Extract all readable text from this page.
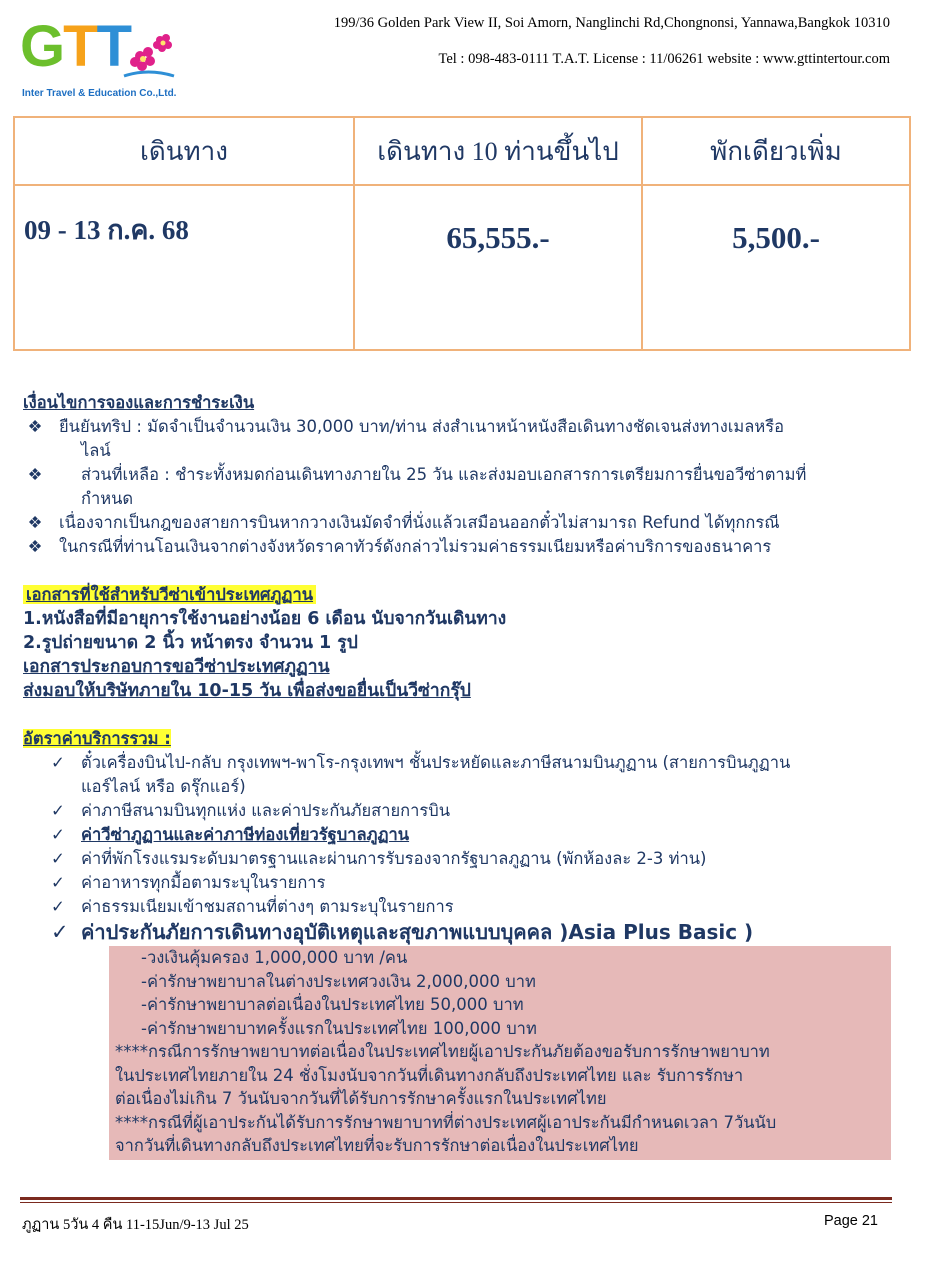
GTT
Inter Travel & Education Co.,Ltd.
199/36 Golden Park View II, Soi Amorn, Nanglinchi Rd,Chongnonsi, Yannawa,Bangkok 10310
Tel : 098-483-0111 T.A.T. License : 11/06261 website : www.gttintertour.com
เดินทาง	เดินทาง 10 ท่านขึ้นไป	พักเดียวเพิ่ม
09 - 13 ก.ค. 68	65,555.-	5,500.-
เงื่อนไขการจองและการชำระเงิน
❖ ยืนยันทริป : มัดจำเป็นจำนวนเงิน 30,000 บาท/ท่าน ส่งสำเนาหน้าหนังสือเดินทางชัดเจนส่งทางเมลหรือ
ไลน์
❖ ส่วนที่เหลือ : ชำระทั้งหมดก่อนเดินทางภายใน 25 วัน และส่งมอบเอกสารการเตรียมการยื่นขอวีซ่าตามที่
กำหนด
❖ เนื่องจากเป็นกฎของสายการบินหากวางเงินมัดจำที่นั่งแล้วเสมือนออกตั๋วไม่สามารถ Refund ได้ทุกกรณี
❖ ในกรณีที่ท่านโอนเงินจากต่างจังหวัดราคาทัวร์ดังกล่าวไม่รวมค่าธรรมเนียมหรือค่าบริการของธนาคาร
เอกสารที่ใช้สำหรับวีซ่าเข้าประเทศภูฏาน
1.หนังสือที่มีอายุการใช้งานอย่างน้อย 6 เดือน นับจากวันเดินทาง
2.รูปถ่ายขนาด 2 นิ้ว หน้าตรง จำนวน 1 รูป
เอกสารประกอบการขอวีซ่าประเทศภูฏาน
ส่งมอบให้บริษัทภายใน 10-15 วัน เพื่อส่งขอยื่นเป็นวีซ่ากรุ๊ป
อัตราค่าบริการรวม :
✓ ตั๋วเครื่องบินไป-กลับ กรุงเทพฯ-พาโร-กรุงเทพฯ ชั้นประหยัดและภาษีสนามบินภูฏาน (สายการบินภูฏาน
แอร์ไลน์ หรือ ดรุ๊กแอร์)
✓ ค่าภาษีสนามบินทุกแห่ง และค่าประกันภัยสายการบิน
✓ ค่าวีซ่าภูฏานและค่าภาษีท่องเที่ยวรัฐบาลภูฏาน
✓ ค่าที่พักโรงแรมระดับมาตรฐานและผ่านการรับรองจากรัฐบาลภูฏาน (พักห้องละ 2-3 ท่าน)
✓ ค่าอาหารทุกมื้อตามระบุในรายการ
✓ ค่าธรรมเนียมเข้าชมสถานที่ต่างๆ ตามระบุในรายการ
✓ ค่าประกันภัยการเดินทางอุบัติเหตุและสุขภาพแบบบุคคล )Asia Plus Basic )
-วงเงินคุ้มครอง 1,000,000 บาท /คน
-ค่ารักษาพยาบาลในต่างประเทศวงเงิน 2,000,000 บาท
-ค่ารักษาพยาบาลต่อเนื่องในประเทศไทย 50,000 บาท
-ค่ารักษาพยาบาทครั้งแรกในประเทศไทย 100,000 บาท
****กรณีการรักษาพยาบาทต่อเนื่องในประเทศไทยผู้เอาประกันภัยต้องขอรับการรักษาพยาบาท
ในประเทศไทยภายใน 24 ชั่งโมงนับจากวันที่เดินทางกลับถึงประเทศไทย และ รับการรักษา
ต่อเนื่องไม่เกิน 7 วันนับจากวันที่ได้รับการรักษาครั้งแรกในประเทศไทย
****กรณีที่ผู้เอาประกันได้รับการรักษาพยาบาทที่ต่างประเทศผู้เอาประกันมีกำหนดเวลา 7วันนับ
จากวันที่เดินทางกลับถึงประเทศไทยที่จะรับการรักษาต่อเนื่องในประเทศไทย
ภูฏาน 5วัน 4 คืน 11-15Jun/9-13 Jul 25	Page 21
